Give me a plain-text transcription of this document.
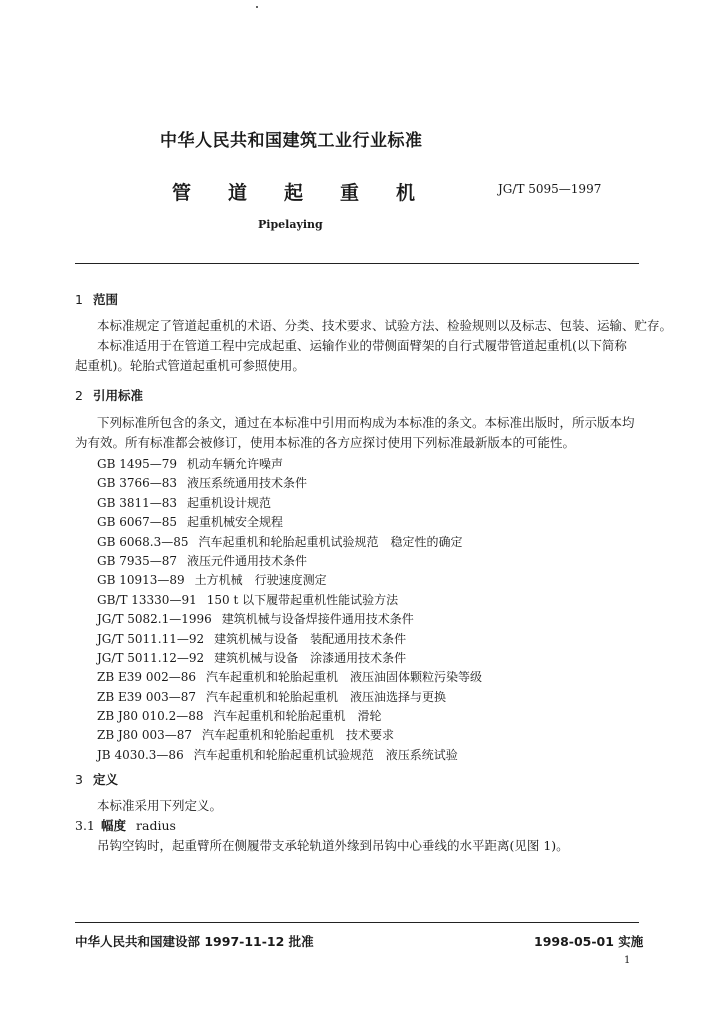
中华人民共和国建筑工业行业标准
管道起重机	JG/T 5095—1997
Pipelaying
1 范围
本标准规定了管道起重机的术语、分类、技术要求、试验方法、检验规则以及标志、包装、运输、贮存。
本标准适用于在管道工程中完成起重、运输作业的带侧面臂架的自行式履带管道起重机(以下简称
起重机)。轮胎式管道起重机可参照使用。
2 引用标准
下列标准所包含的条文，通过在本标准中引用而构成为本标准的条文。本标准出版时，所示版本均
为有效。所有标准都会被修订，使用本标准的各方应探讨使用下列标准最新版本的可能性。
GB 1495—79 机动车辆允许噪声
GB 3766—83 液压系统通用技术条件
GB 3811—83 起重机设计规范
GB 6067—85 起重机械安全规程
GB 6068.3—85 汽车起重机和轮胎起重机试验规范　稳定性的确定
GB 7935—87 液压元件通用技术条件
GB 10913—89 土方机械　行驶速度测定
GB/T 13330—91 150 t 以下履带起重机性能试验方法
JG/T 5082.1—1996 建筑机械与设备焊接件通用技术条件
JG/T 5011.11—92 建筑机械与设备　装配通用技术条件
JG/T 5011.12—92 建筑机械与设备　涂漆通用技术条件
ZB E39 002—86 汽车起重机和轮胎起重机　液压油固体颗粒污染等级
ZB E39 003—87 汽车起重机和轮胎起重机　液压油选择与更换
ZB J80 010.2—88 汽车起重机和轮胎起重机　滑轮
ZB J80 003—87 汽车起重机和轮胎起重机　技术要求
JB 4030.3—86 汽车起重机和轮胎起重机试验规范　液压系统试验
3 定义
本标准采用下列定义。
3.1 幅度 radius
吊钩空钩时，起重臂所在侧履带支承轮轨道外缘到吊钩中心垂线的水平距离(见图 1)。
中华人民共和国建设部 1997-11-12 批准	1998-05-01 实施
1
